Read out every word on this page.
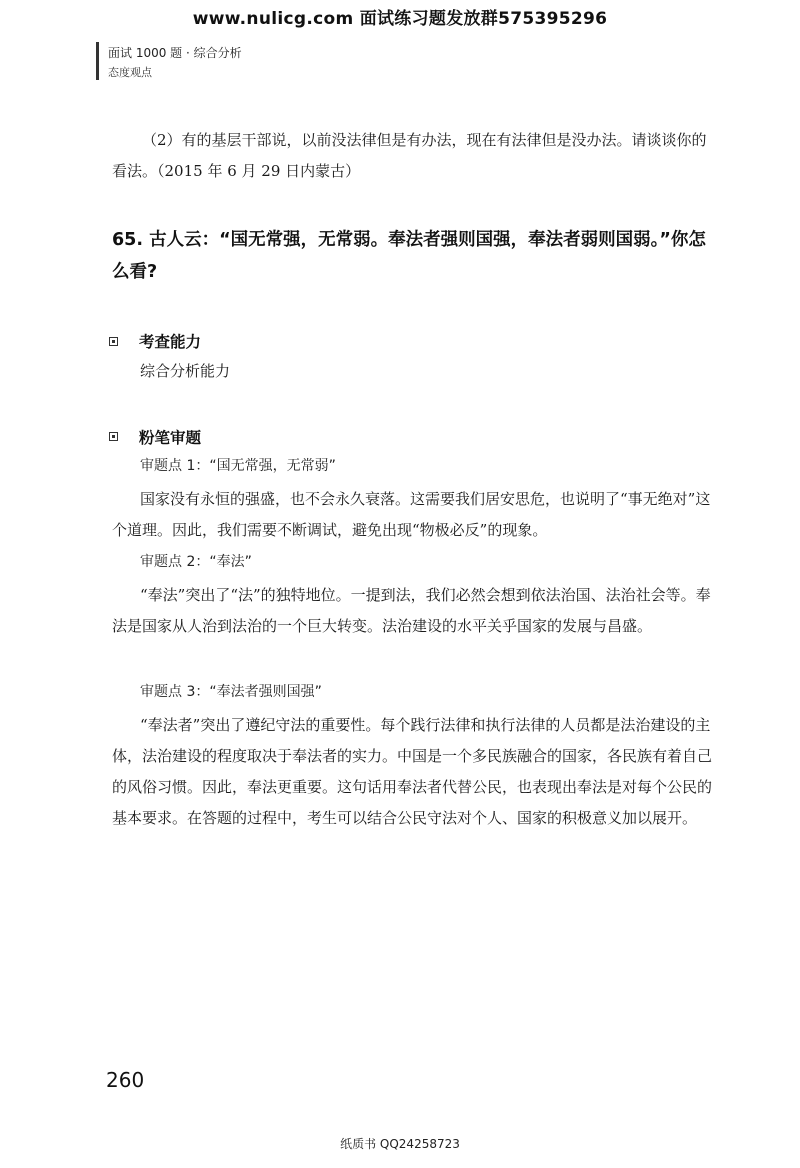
www.nulicg.com 面试练习题发放群575395296
面试 1000 题 · 综合分析
态度观点
（2）有的基层干部说，以前没法律但是有办法，现在有法律但是没办法。请谈谈你的看法。（2015 年 6 月 29 日内蒙古）
65. 古人云：“国无常强，无常弱。奉法者强则国强，奉法者弱则国弱。”你怎么看?
考查能力
综合分析能力
粉笔审题
审题点 1：“国无常强，无常弱”
国家没有永恒的强盛，也不会永久衰落。这需要我们居安思危，也说明了“事无绝对”这个道理。因此，我们需要不断调试，避免出现“物极必反”的现象。
审题点 2：“奉法”
“奉法”突出了“法”的独特地位。一提到法，我们必然会想到依法治国、法治社会等。奉法是国家从人治到法治的一个巨大转变。法治建设的水平关乎国家的发展与昌盛。
审题点 3：“奉法者强则国强”
“奉法者”突出了遵纪守法的重要性。每个践行法律和执行法律的人员都是法治建设的主体，法治建设的程度取决于奉法者的实力。中国是一个多民族融合的国家，各民族有着自己的风俗习惯。因此，奉法更重要。这句话用奉法者代替公民，也表现出奉法是对每个公民的基本要求。在答题的过程中，考生可以结合公民守法对个人、国家的积极意义加以展开。
260
纸质书 QQ24258723
